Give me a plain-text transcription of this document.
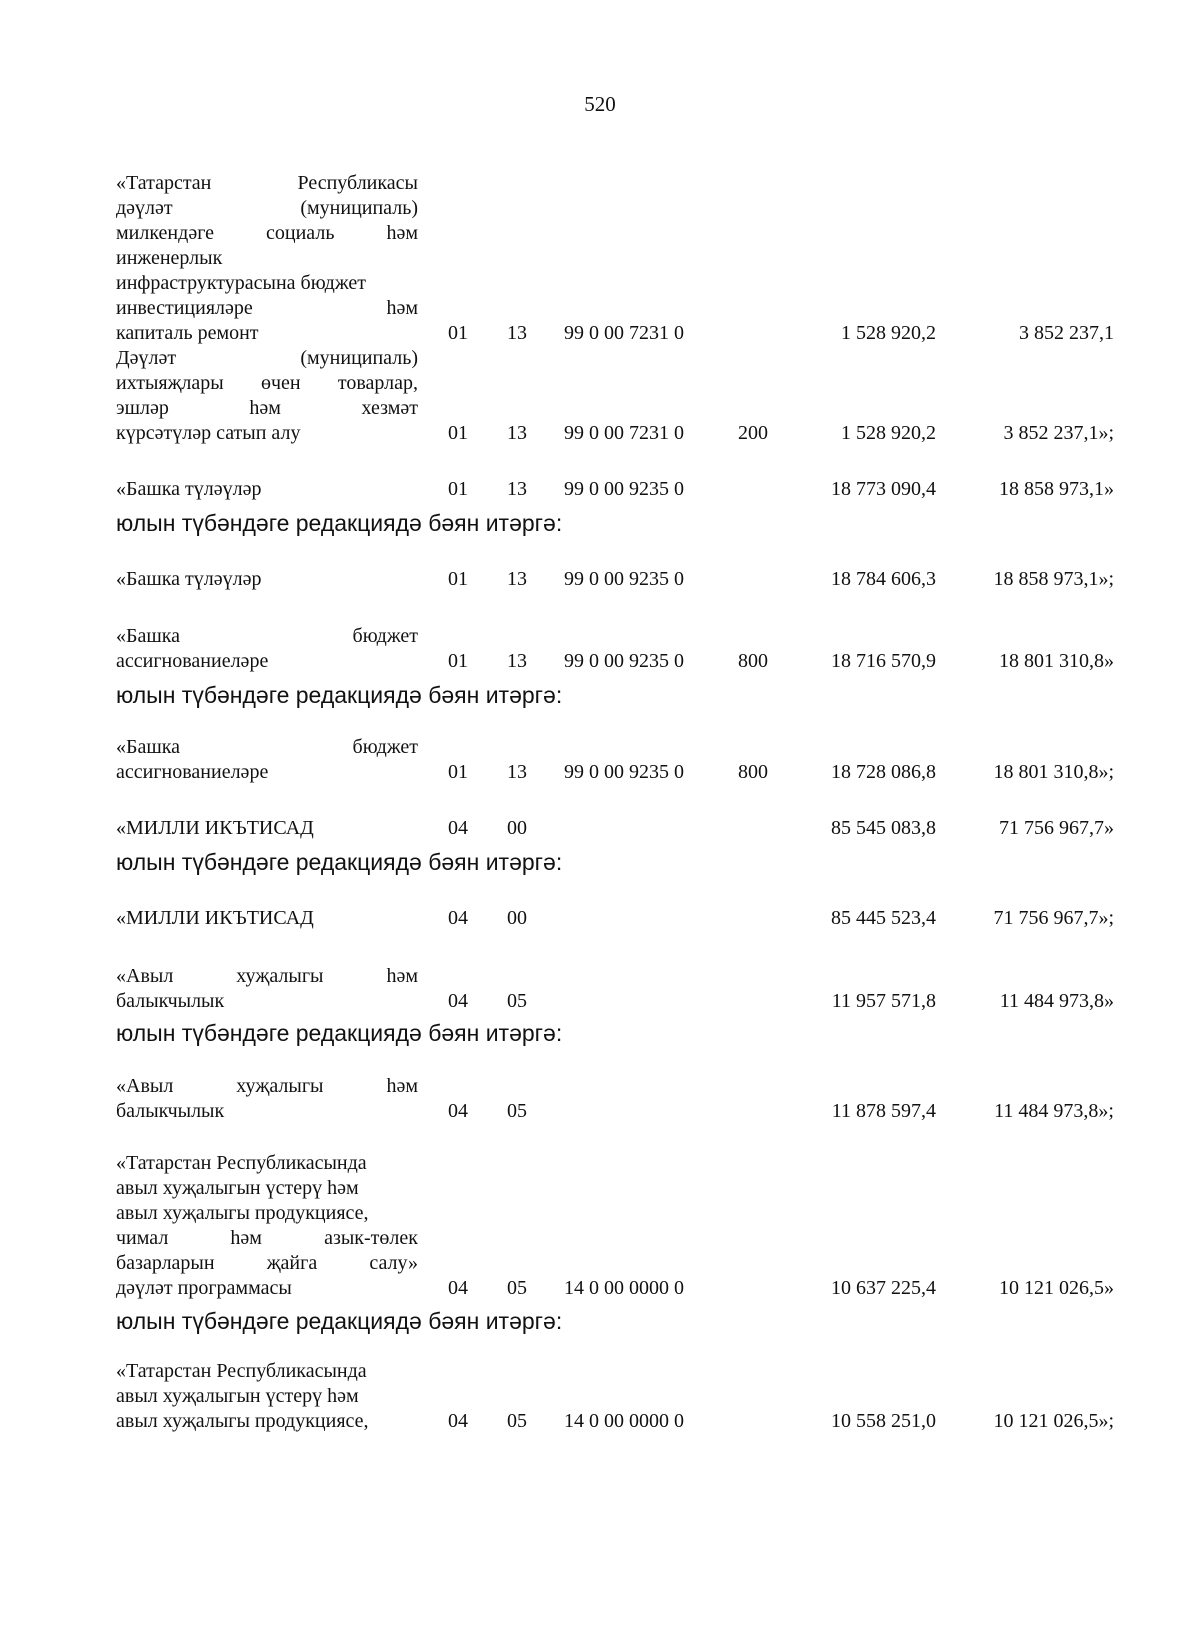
520
«Татарстан Республикасы
дәүләт (муниципаль)
милкендәге социаль һәм
инженерлык
инфраструктурасына бюджет
инвестицияләре һәм
капиталь ремонт	01 13 99 0 00 7231 0	1 528 920,2	3 852 237,1
Дәүләт (муниципаль)
ихтыяҗлары өчен товарлар,
эшләр һәм хезмәт
күрсәтүләр сатып алу	01 13 99 0 00 7231 0	200	1 528 920,2	3 852 237,1»;
«Башка түләүләр	01 13 99 0 00 9235 0	18 773 090,4	18 858 973,1»
юлын түбәндәге редакциядә бәян итәргә:
«Башка түләүләр	01 13 99 0 00 9235 0	18 784 606,3	18 858 973,1»;
«Башка бюджет
ассигнованиеләре	01 13 99 0 00 9235 0	800	18 716 570,9	18 801 310,8»
юлын түбәндәге редакциядә бәян итәргә:
«Башка бюджет
ассигнованиеләре	01 13 99 0 00 9235 0	800	18 728 086,8	18 801 310,8»;
«МИЛЛИ ИКЪТИСАД	04 00	85 545 083,8	71 756 967,7»
юлын түбәндәге редакциядә бәян итәргә:
«МИЛЛИ ИКЪТИСАД	04 00	85 445 523,4	71 756 967,7»;
«Авыл хуҗалыгы һәм
балыкчылык	04 05	11 957 571,8	11 484 973,8»
юлын түбәндәге редакциядә бәян итәргә:
«Авыл хуҗалыгы һәм
балыкчылык	04 05	11 878 597,4	11 484 973,8»;
«Татарстан Республикасында
авыл хуҗалыгын үстерү һәм
авыл хуҗалыгы продукциясе,
чимал һәм азык-төлек
базарларын җайга салу»
дәүләт программасы	04 05 14 0 00 0000 0	10 637 225,4	10 121 026,5»
юлын түбәндәге редакциядә бәян итәргә:
«Татарстан Республикасында
авыл хуҗалыгын үстерү һәм
авыл хуҗалыгы продукциясе,	04 05 14 0 00 0000 0	10 558 251,0	10 121 026,5»;
